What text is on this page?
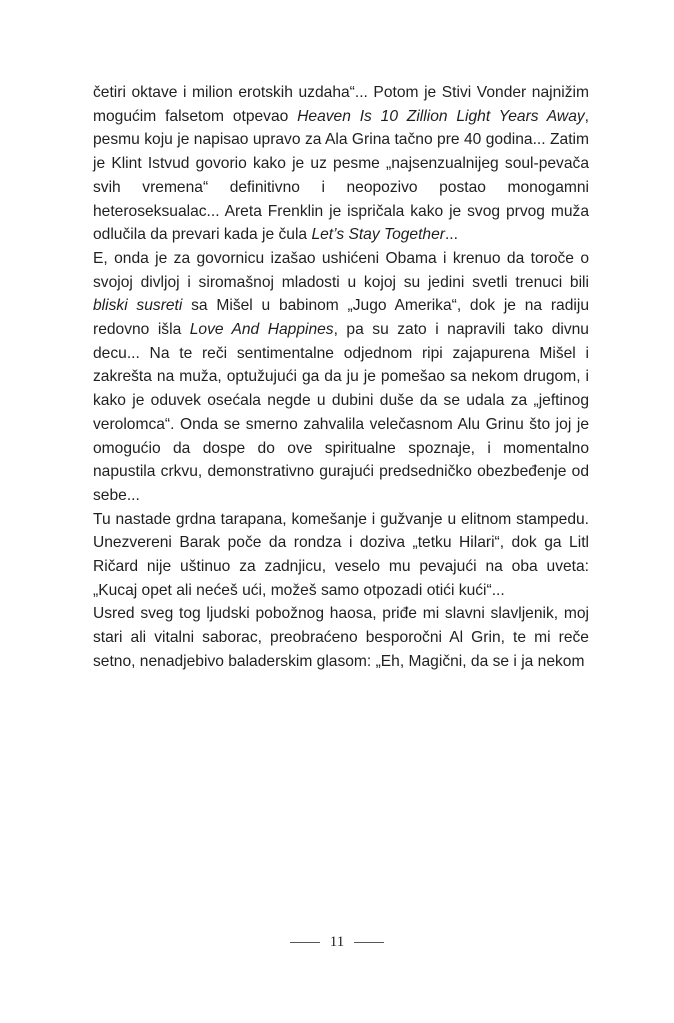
četiri oktave i milion erotskih uzdaha“... Potom je Stivi Vonder najnižim mogućim falsetom otpevao Heaven Is 10 Zillion Light Years Away, pesmu koju je napisao upravo za Ala Grina tačno pre 40 godina... Zatim je Klint Istvud govorio kako je uz pesme „najsenzualnijeg soul-pevača svih vremena“ definitivno i neopozivo postao monogamni heteroseksualac... Areta Frenklin je ispričala kako je svog prvog muža odlučila da prevari kada je čula Let’s Stay Together...

E, onda je za govornicu izašao ushićeni Obama i krenuo da toroče o svojoj divljoj i siromašnoj mladosti u kojoj su jedini svetli trenuci bili bliski susreti sa Mišel u babinom „Jugo Amerika“, dok je na radiju redovno išla Love And Happines, pa su zato i napravili tako divnu decu... Na te reči sentimentalne odjednom ripi zajapurena Mišel i zakrešta na muža, optužujući ga da ju je pomešao sa nekom drugom, i kako je oduvek osećala negde u dubini duše da se udala za „jeftinog verolomca“. Onda se smerno zahvalila velečasnom Alu Grinu što joj je omogućio da dospe do ove spiritualne spoznaje, i momentalno napustila crkvu, demonstrativno gurajući predsedničko obezbeđenje od sebe...

Tu nastade grdna tarapana, komešanje i gužvanje u elitnom stampedu. Unezvereni Barak poče da rondza i doziva „tetku Hilari“, dok ga Litl Ričard nije uštinuo za zadnjicu, veselo mu pevajući na oba uveta: „Kucaj opet ali nećeš ući, možeš samo otpozadi otići kući“...

Usred sveg tog ljudski pobožnog haosa, priđe mi slavni slavljenik, moj stari ali vitalni saborac, preobraćeno besporočni Al Grin, te mi reče setno, nenadjebivo baladerskim glasom: „Eh, Magični, da se i ja nekom

11
